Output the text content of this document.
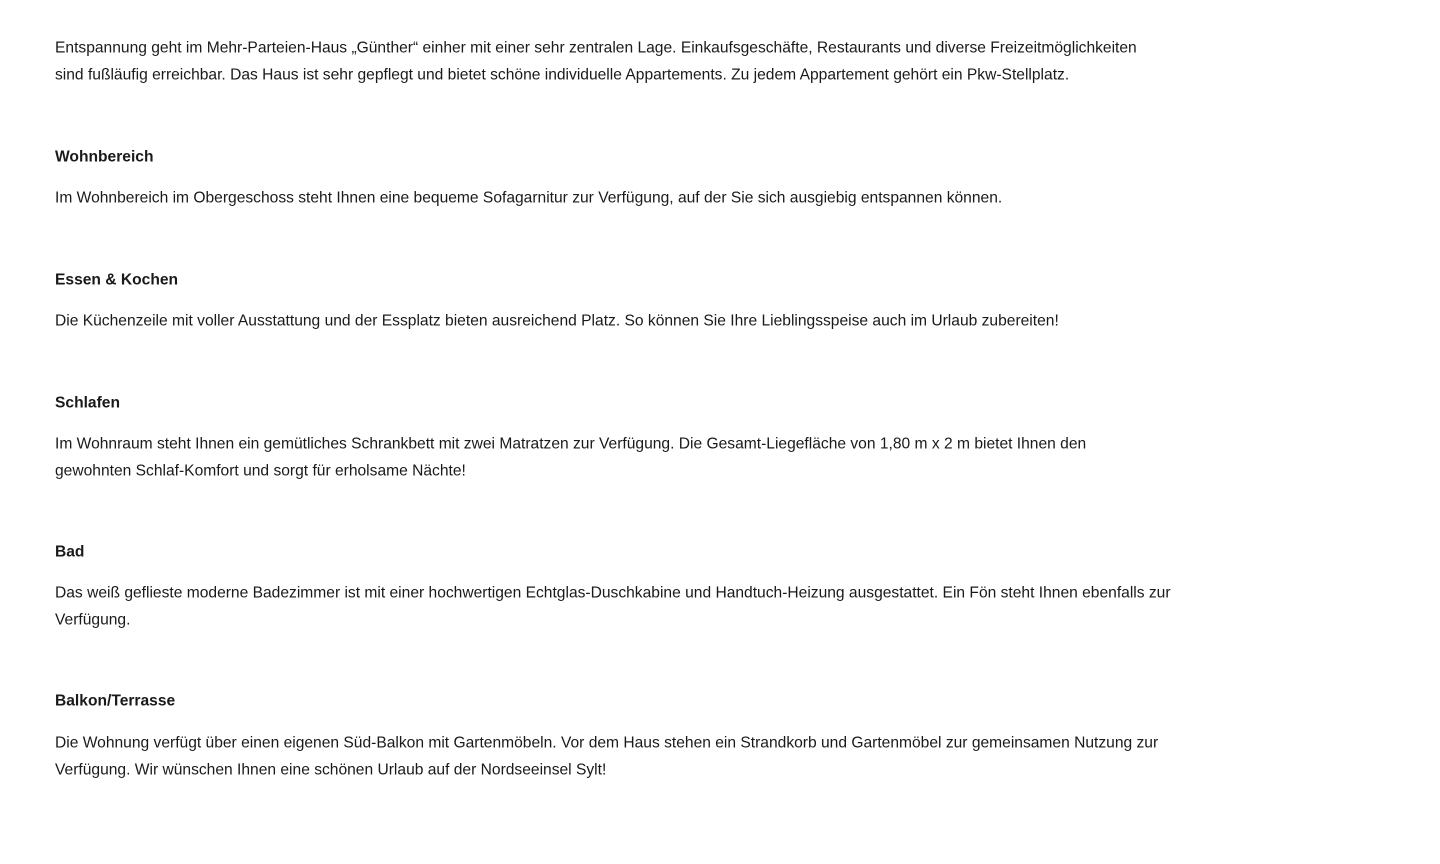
Entspannung geht im Mehr-Parteien-Haus „Günther“ einher mit einer sehr zentralen Lage. Einkaufsgeschäfte, Restaurants und diverse Freizeitmöglichkeiten
sind fußläufig erreichbar. Das Haus ist sehr gepflegt und bietet schöne individuelle Appartements. Zu jedem Appartement gehört ein Pkw-Stellplatz.
Wohnbereich
Im Wohnbereich im Obergeschoss steht Ihnen eine bequeme Sofagarnitur zur Verfügung, auf der Sie sich ausgiebig entspannen können.
Essen & Kochen
Die Küchenzeile mit voller Ausstattung und der Essplatz bieten ausreichend Platz. So können Sie Ihre Lieblingsspeise auch im Urlaub zubereiten!
Schlafen
Im Wohnraum steht Ihnen ein gemütliches Schrankbett mit zwei Matratzen zur Verfügung. Die Gesamt-Liegefläche von 1,80 m x 2 m bietet Ihnen den
gewohnten Schlaf-Komfort und sorgt für erholsame Nächte!
Bad
Das weiß geflieste moderne Badezimmer ist mit einer hochwertigen Echtglas-Duschkabine und Handtuch-Heizung ausgestattet. Ein Fön steht Ihnen ebenfalls zur
Verfügung.
Balkon/Terrasse
Die Wohnung verfügt über einen eigenen Süd-Balkon mit Gartenmöbeln. Vor dem Haus stehen ein Strandkorb und Gartenmöbel zur gemeinsamen Nutzung zur
Verfügung. Wir wünschen Ihnen eine schönen Urlaub auf der Nordseeinsel Sylt!
